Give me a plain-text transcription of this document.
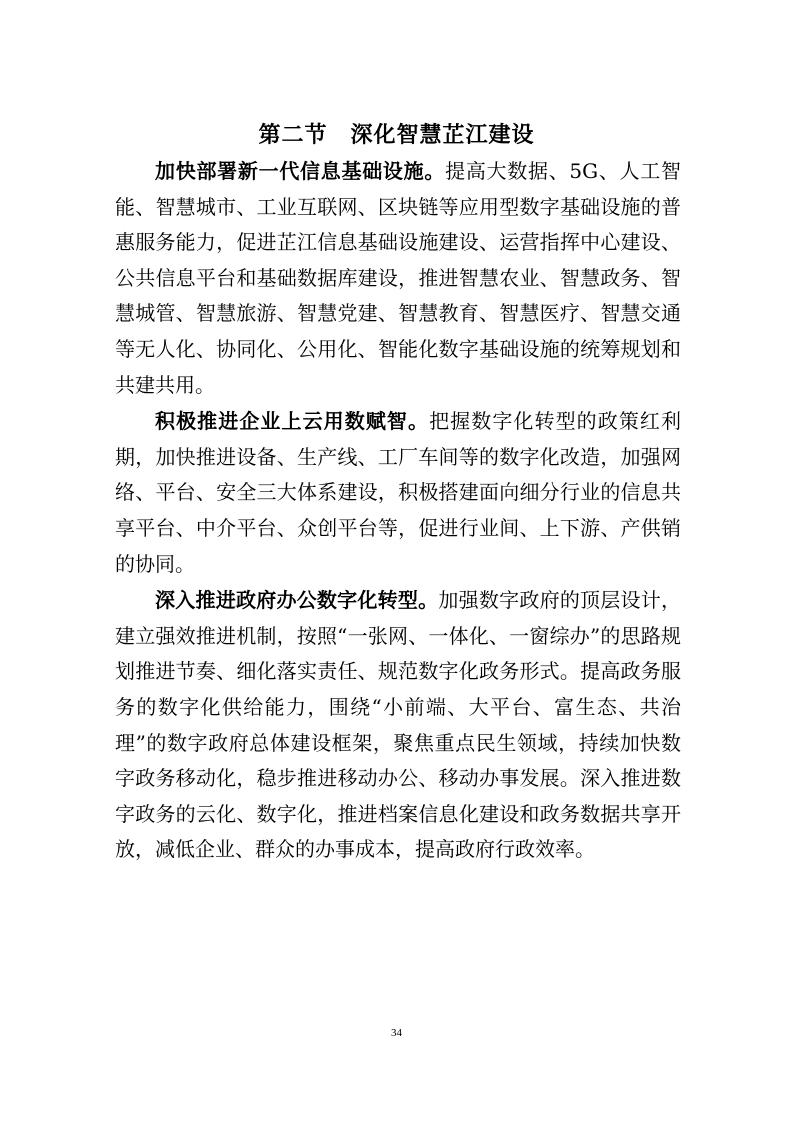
第二节　深化智慧芷江建设

加快部署新一代信息基础设施。提高大数据、5G、人工智能、智慧城市、工业互联网、区块链等应用型数字基础设施的普惠服务能力，促进芷江信息基础设施建设、运营指挥中心建设、公共信息平台和基础数据库建设，推进智慧农业、智慧政务、智慧城管、智慧旅游、智慧党建、智慧教育、智慧医疗、智慧交通等无人化、协同化、公用化、智能化数字基础设施的统筹规划和共建共用。

积极推进企业上云用数赋智。把握数字化转型的政策红利期，加快推进设备、生产线、工厂车间等的数字化改造，加强网络、平台、安全三大体系建设，积极搭建面向细分行业的信息共享平台、中介平台、众创平台等，促进行业间、上下游、产供销的协同。

深入推进政府办公数字化转型。加强数字政府的顶层设计，建立强效推进机制，按照“一张网、一体化、一窗综办”的思路规划推进节奏、细化落实责任、规范数字化政务形式。提高政务服务的数字化供给能力，围绕“小前端、大平台、富生态、共治理”的数字政府总体建设框架，聚焦重点民生领域，持续加快数字政务移动化，稳步推进移动办公、移动办事发展。深入推进数字政务的云化、数字化，推进档案信息化建设和政务数据共享开放，减低企业、群众的办事成本，提高政府行政效率。

34
